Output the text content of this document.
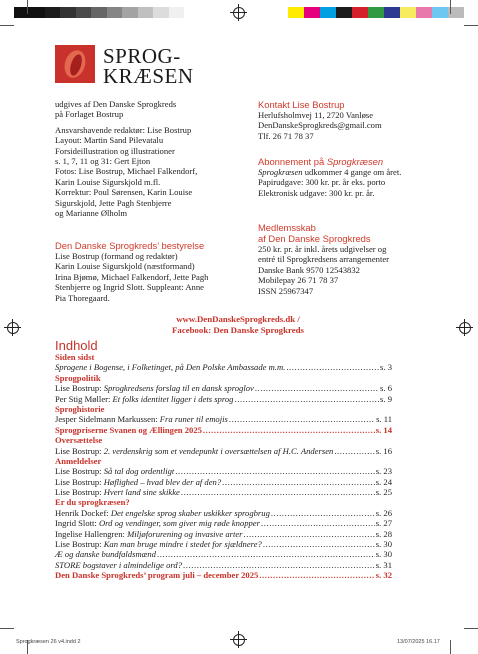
SPROG-
KRÆSEN
udgives af Den Danske Sprogkreds
på Forlaget Bostrup
Ansvarshavende redaktør: Lise Bostrup
Layout: Martin Sand Pilevatalu
Forsideillustration og illustrationer
s. 1, 7, 11 og 31: Gert Ejton
Fotos: Lise Bostrup, Michael Falkendorf,
Karin Louise Sigurskjold m.fl.
Korrektur: Poul Sørensen, Karin Louise
Sigurskjold, Jette Pagh Stenbjerre
og Marianne Ølholm
Den Danske Sprogkreds’ bestyrelse
Lise Bostrup (formand og redaktør)
Karin Louise Sigurskjold (næstformand)
Irina Bjømø, Michael Falkendorf, Jette Pagh
Stenbjerre og Ingrid Slott. Suppleant: Anne
Pia Thoregaard.
Kontakt Lise Bostrup
Herlufsholmvej 11, 2720 Vanløse
DenDanskeSprogkreds@gmail.com
Tlf. 26 71 78 37
Abonnement på Sprogkræsen
Sprogkræsen udkommer 4 gange om året.
Papirudgave: 300 kr. pr. år eks. porto
Elektronisk udgave: 300 kr. pr. år.
Medlemsskab
af Den Danske Sprogkreds
250 kr. pr. år inkl. årets udgivelser og
entré til Sprogkredsens arrangementer
Danske Bank 9570 12543832
Mobilepay 26 71 78 37
ISSN 25967347
www.DenDanskeSprogkreds.dk /
Facebook: Den Danske Sprogkreds
Indhold
Siden sidst
Sprogene i Bogense, i Folketinget, på Den Polske Ambassade m.m. .....	s. 3
Sprogpolitik
Lise Bostrup: Sprogkredsens forslag til en dansk sproglov .....	s. 6
Per Stig Møller: Et folks identitet ligger i dets sprog .....	s. 9
Sproghistorie
Jesper Sidelmann Markussen: Fra runer til emojis .....	s. 11
Sprogpriserne Svanen og Ællingen 2025 .....	s. 14
Oversættelse
Lise Bostrup: 2. verdenskrig som et vendepunkt i oversættelsen af H.C. Andersen .....	s. 16
Anmeldelser
Lise Bostrup: Så tal dog ordentligt .....	s. 23
Lise Bostrup: Høflighed – hvad blev der af den? .....	s. 24
Lise Bostrup: Hvert land sine skikke .....	s. 25
Er du sprogkræsen?
Henrik Dockef: Det engelske sprog skaber uskikker sprogbrug .....	s. 26
Ingrid Slott: Ord og vendinger, som giver mig røde knopper .....	s. 27
Ingelise Hallengren: Miljøforurening og invasive arter .....	s. 28
Lise Bostrup: Kan man bruge mindre i stedet for sjældnere? .....	s. 30
Æ og danske bundfaldsmænd .....	s. 30
STORE bogstaver i almindelige ord? .....	s. 31
Den Danske Sprogkreds’ program juli – december 2025 .....	s. 32
Sprogkræsen 26 v4.indd 2	13/07/2025 16.17
